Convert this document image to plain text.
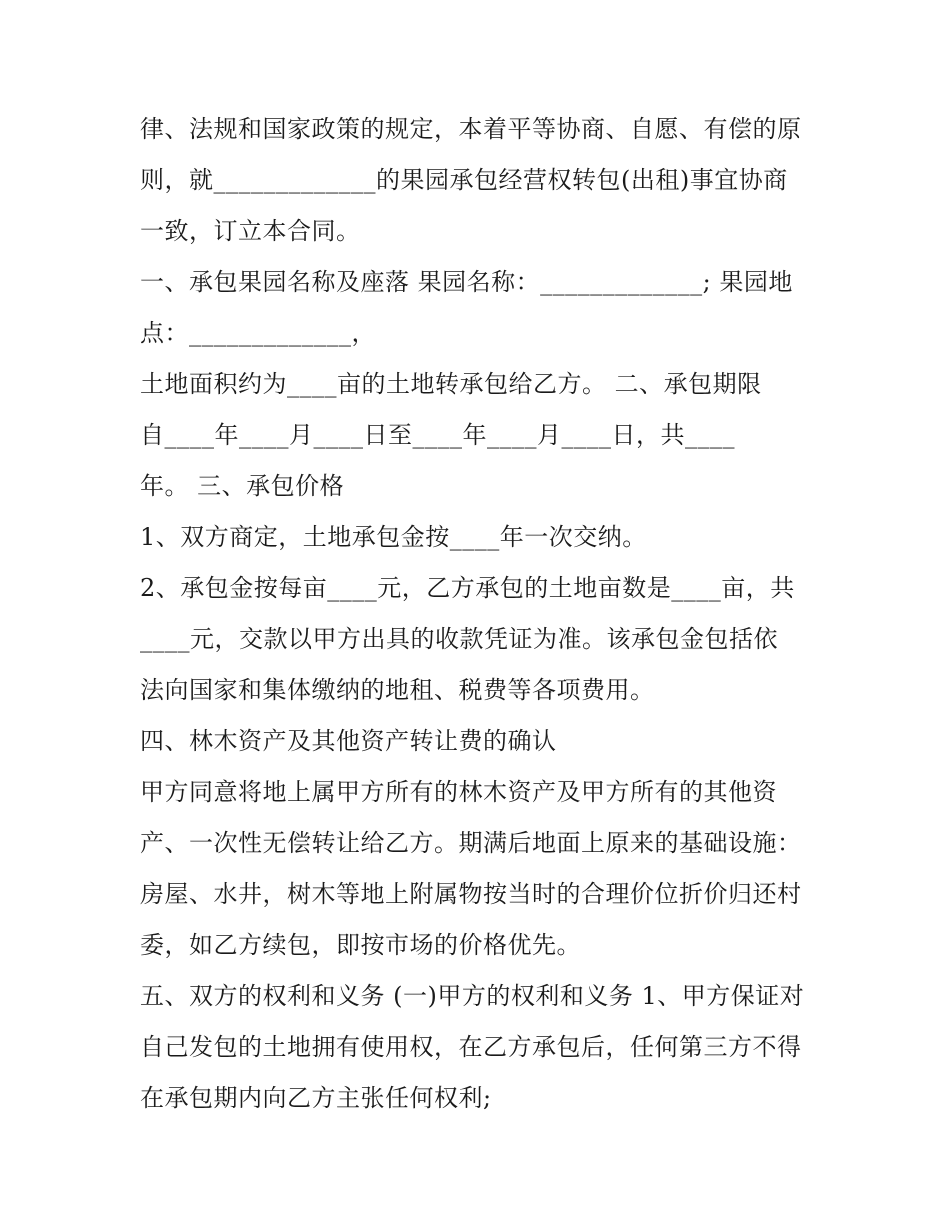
律、法规和国家政策的规定，本着平等协商、自愿、有偿的原
则，就_____________的果园承包经营权转包(出租)事宜协商
一致，订立本合同。
一、承包果园名称及座落 果园名称：_____________; 果园地
点：_____________，
土地面积约为____亩的土地转承包给乙方。 二、承包期限
自____年____月____日至____年____月____日，共____
年。 三、承包价格
1、双方商定，土地承包金按____年一次交纳。
2、承包金按每亩____元，乙方承包的土地亩数是____亩，共
____元，交款以甲方出具的收款凭证为准。该承包金包括依
法向国家和集体缴纳的地租、税费等各项费用。
四、林木资产及其他资产转让费的确认
甲方同意将地上属甲方所有的林木资产及甲方所有的其他资
产、一次性无偿转让给乙方。期满后地面上原来的基础设施：
房屋、水井，树木等地上附属物按当时的合理价位折价归还村
委，如乙方续包，即按市场的价格优先。
五、双方的权利和义务 (一)甲方的权利和义务 1、甲方保证对
自己发包的土地拥有使用权，在乙方承包后，任何第三方不得
在承包期内向乙方主张任何权利;
